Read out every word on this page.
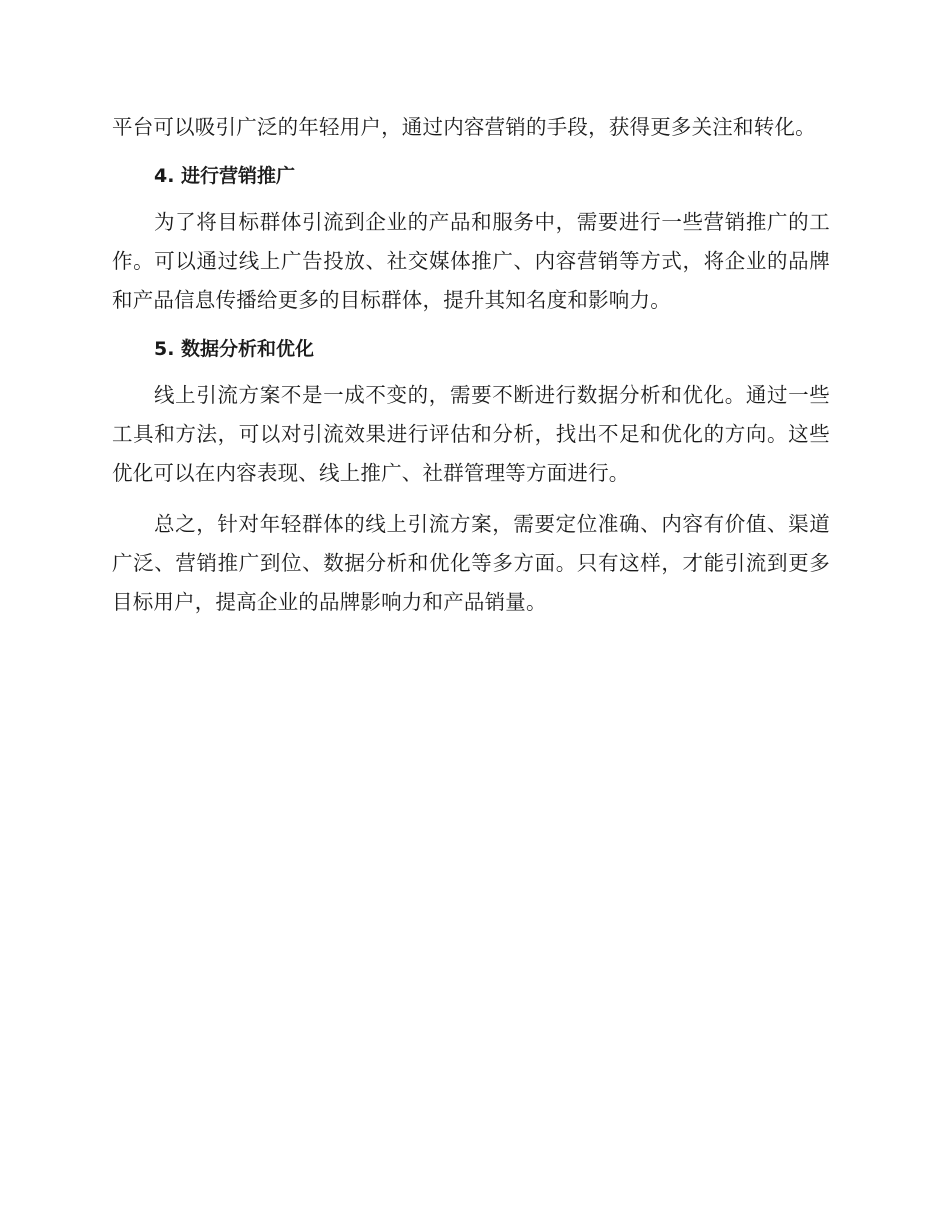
平台可以吸引广泛的年轻用户，通过内容营销的手段，获得更多关注和转化。

4. 进行营销推广

为了将目标群体引流到企业的产品和服务中，需要进行一些营销推广的工作。可以通过线上广告投放、社交媒体推广、内容营销等方式，将企业的品牌和产品信息传播给更多的目标群体，提升其知名度和影响力。

5. 数据分析和优化

线上引流方案不是一成不变的，需要不断进行数据分析和优化。通过一些工具和方法，可以对引流效果进行评估和分析，找出不足和优化的方向。这些优化可以在内容表现、线上推广、社群管理等方面进行。

总之，针对年轻群体的线上引流方案，需要定位准确、内容有价值、渠道广泛、营销推广到位、数据分析和优化等多方面。只有这样，才能引流到更多目标用户，提高企业的品牌影响力和产品销量。
